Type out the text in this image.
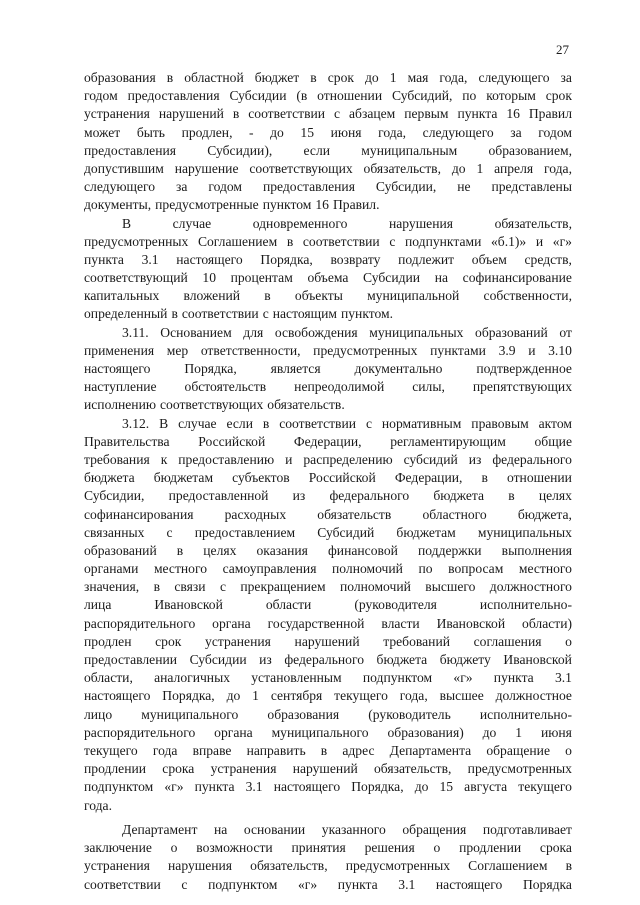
27
образования в областной бюджет в срок до 1 мая года, следующего за
годом предоставления Субсидии (в отношении Субсидий, по которым срок
устранения нарушений в соответствии с абзацем первым пункта 16 Правил
может быть продлен, - до 15 июня года, следующего за годом
предоставления Субсидии), если муниципальным образованием,
допустившим нарушение соответствующих обязательств, до 1 апреля года,
следующего за годом предоставления Субсидии, не представлены
документы, предусмотренные пунктом 16 Правил.
В	случае	одновременного	нарушения	обязательств,
предусмотренных Соглашением в соответствии с подпунктами «б.1)» и «г»
пункта 3.1 настоящего Порядка, возврату подлежит объем средств,
соответствующий 10 процентам объема Субсидии на софинансирование
капитальных вложений в объекты муниципальной собственности,
определенный в соответствии с настоящим пунктом.
3.11. Основанием для освобождения муниципальных образований от
применения мер ответственности, предусмотренных пунктами 3.9 и 3.10
настоящего Порядка, является документально подтвержденное
наступление обстоятельств непреодолимой силы, препятствующих
исполнению соответствующих обязательств.
3.12. В случае если в соответствии с нормативным правовым актом
Правительства Российской Федерации, регламентирующим общие
требования к предоставлению и распределению субсидий из федерального
бюджета бюджетам субъектов Российской Федерации, в отношении
Субсидии, предоставленной из федерального бюджета в целях
софинансирования расходных обязательств областного бюджета,
связанных с предоставлением Субсидий бюджетам муниципальных
образований в целях оказания финансовой поддержки выполнения
органами местного самоуправления полномочий по вопросам местного
значения, в связи с прекращением полномочий высшего должностного
лица	Ивановской	области	(руководителя	исполнительно-
распорядительного органа государственной власти Ивановской области)
продлен срок устранения нарушений требований соглашения о
предоставлении Субсидии из федерального бюджета бюджету Ивановской
области, аналогичных установленным подпунктом «г» пункта 3.1
настоящего Порядка, до 1 сентября текущего года, высшее должностное
лицо муниципального образования (руководитель исполнительно-
распорядительного органа муниципального образования) до 1 июня
текущего года вправе направить в адрес Департамента обращение о
продлении срока устранения нарушений обязательств, предусмотренных
подпунктом «г» пункта 3.1 настоящего Порядка, до 15 августа текущего
года.
Департамент на основании указанного обращения подготавливает
заключение о возможности принятия решения о продлении срока
устранения нарушения обязательств, предусмотренных Соглашением в
соответствии с подпунктом «г» пункта 3.1 настоящего Порядка
